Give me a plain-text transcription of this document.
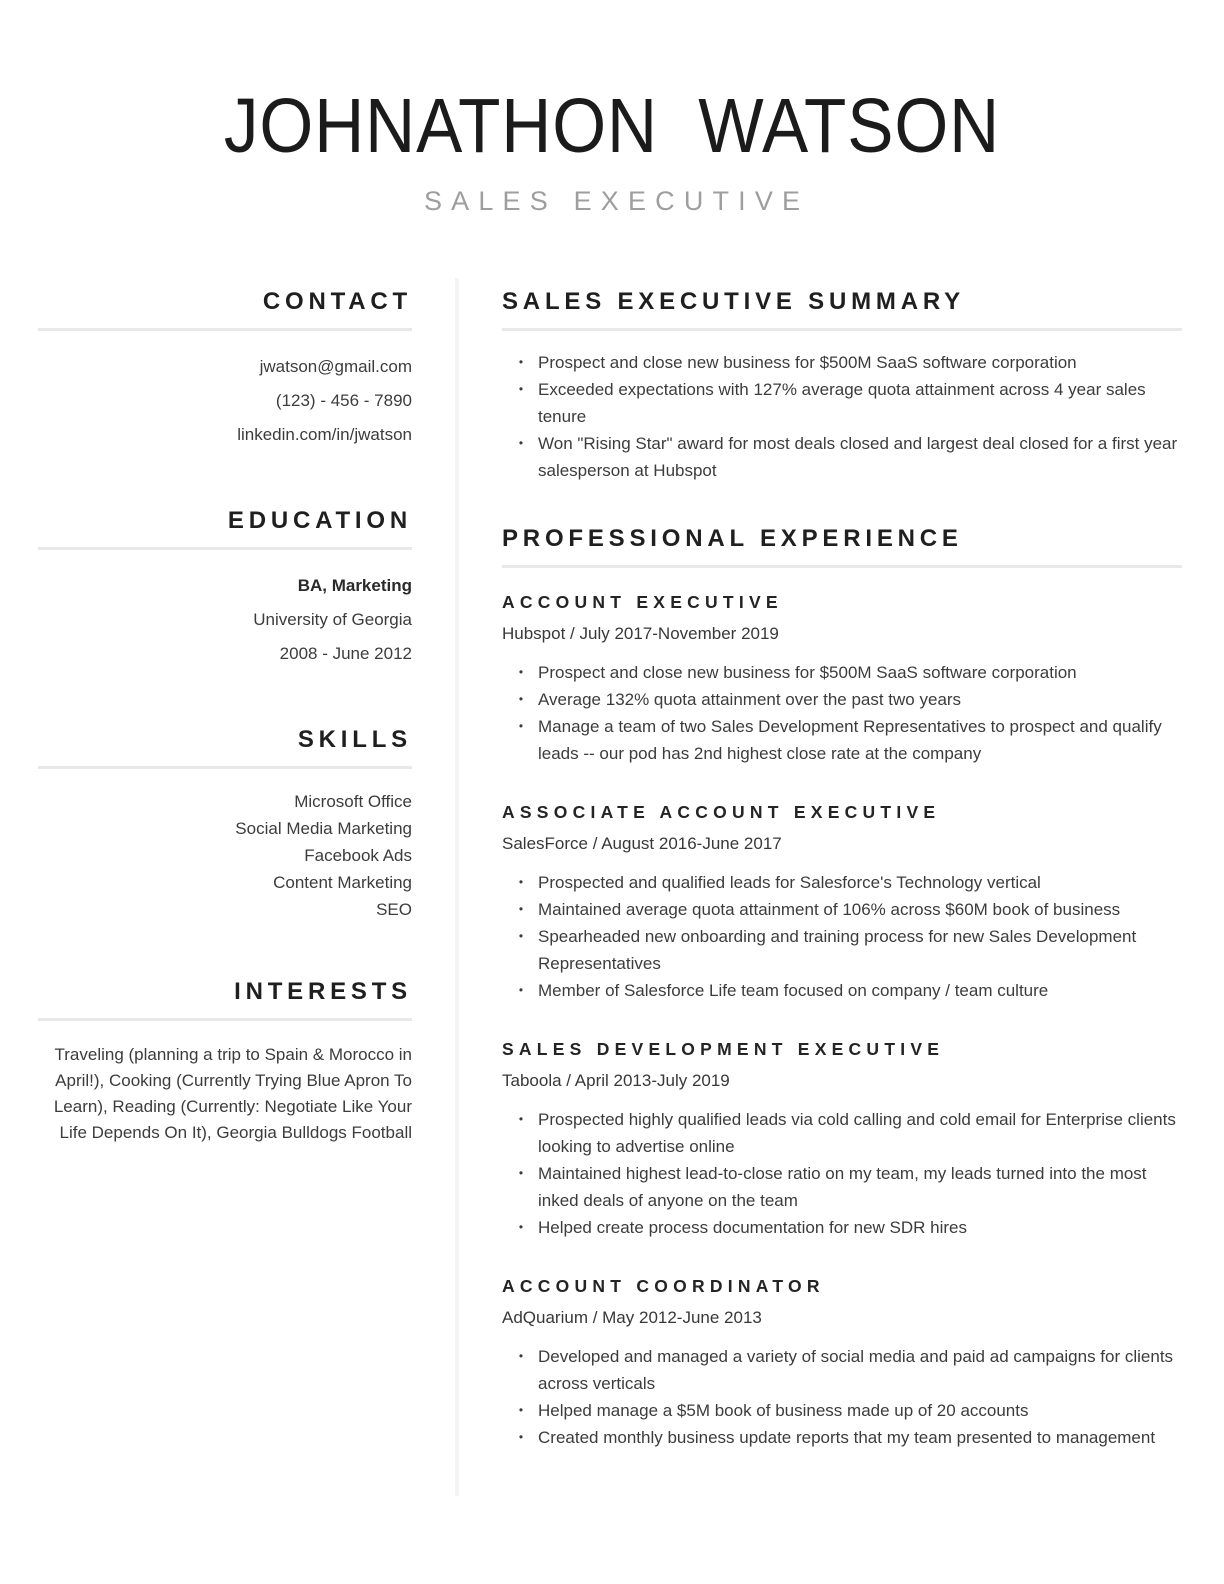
JOHNATHON  WATSON
SALES EXECUTIVE
CONTACT
jwatson@gmail.com
(123) - 456 - 7890
linkedin.com/in/jwatson
EDUCATION
BA, Marketing
University of Georgia
2008 - June 2012
SKILLS
Microsoft Office
Social Media Marketing
Facebook Ads
Content Marketing
SEO
INTERESTS
Traveling (planning a trip to Spain & Morocco in April!), Cooking (Currently Trying Blue Apron To Learn), Reading (Currently: Negotiate Like Your Life Depends On It), Georgia Bulldogs Football
SALES EXECUTIVE SUMMARY
• Prospect and close new business for $500M SaaS software corporation
• Exceeded expectations with 127% average quota attainment across 4 year sales tenure
• Won "Rising Star" award for most deals closed and largest deal closed for a first year salesperson at Hubspot
PROFESSIONAL EXPERIENCE
ACCOUNT EXECUTIVE
Hubspot / July 2017-November 2019
• Prospect and close new business for $500M SaaS software corporation
• Average 132% quota attainment over the past two years
• Manage a team of two Sales Development Representatives to prospect and qualify leads -- our pod has 2nd highest close rate at the company
ASSOCIATE ACCOUNT EXECUTIVE
SalesForce / August 2016-June 2017
• Prospected and qualified leads for Salesforce's Technology vertical
• Maintained average quota attainment of 106% across $60M book of business
• Spearheaded new onboarding and training process for new Sales Development Representatives
• Member of Salesforce Life team focused on company / team culture
SALES DEVELOPMENT EXECUTIVE
Taboola / April 2013-July 2019
• Prospected highly qualified leads via cold calling and cold email for Enterprise clients looking to advertise online
• Maintained highest lead-to-close ratio on my team, my leads turned into the most inked deals of anyone on the team
• Helped create process documentation for new SDR hires
ACCOUNT COORDINATOR
AdQuarium / May 2012-June 2013
• Developed and managed a variety of social media and paid ad campaigns for clients across verticals
• Helped manage a $5M book of business made up of 20 accounts
• Created monthly business update reports that my team presented to management
